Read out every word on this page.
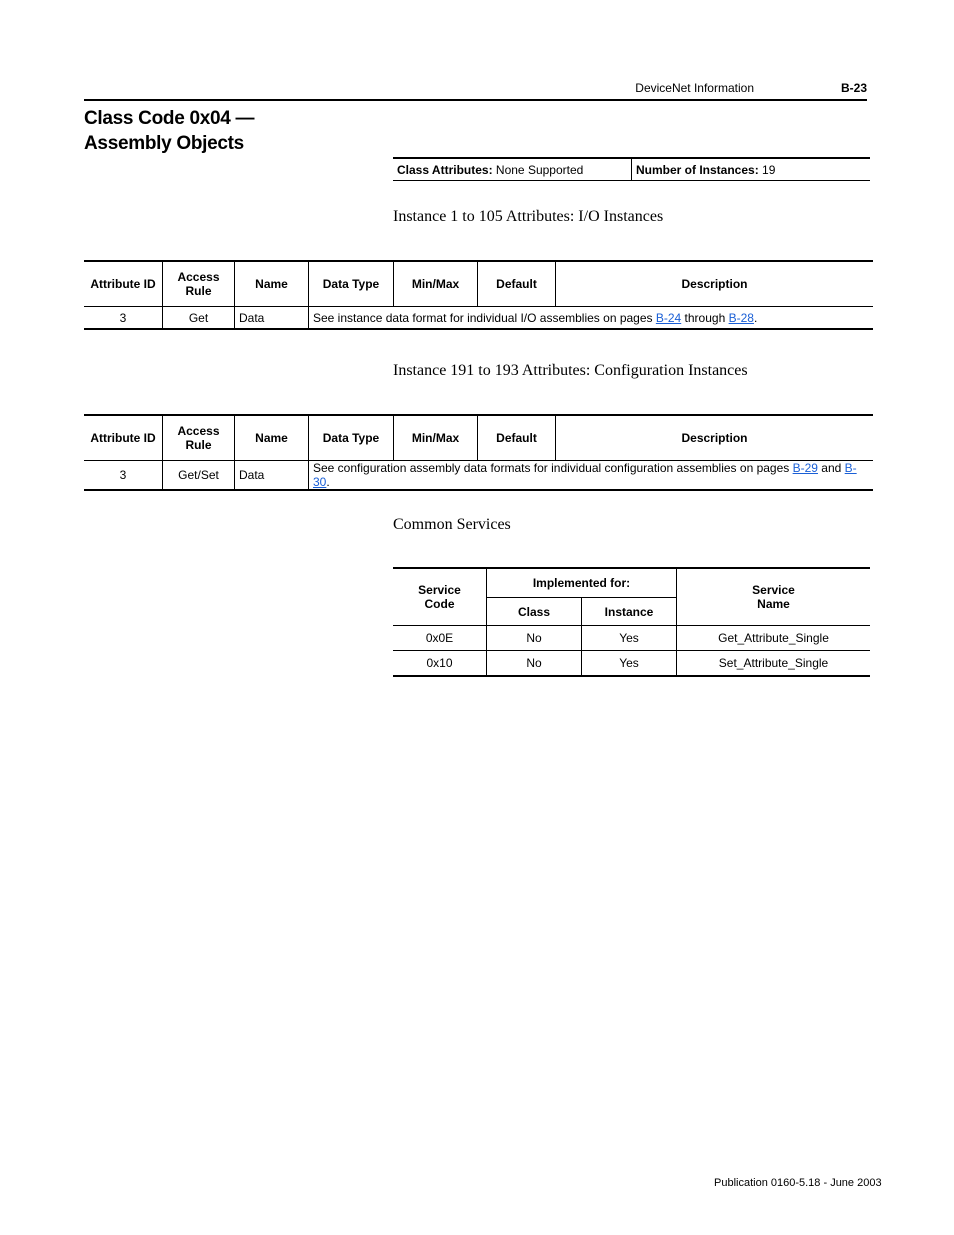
DeviceNet Information	B-23
Class Code 0x04 —
Assembly Objects
Class Attributes: None Supported	Number of Instances: 19
Instance 1 to 105 Attributes: I/O Instances
Attribute ID	Access Rule	Name	Data Type	Min/Max	Default	Description
3	Get	Data	See instance data format for individual I/O assemblies on pages B-24 through B-28.			
Instance 191 to 193 Attributes: Configuration Instances
Attribute ID	Access Rule	Name	Data Type	Min/Max	Default	Description
3	Get/Set	Data	See configuration assembly data formats for individual configuration assemblies on pages B-29 and B-30.			
Common Services
Service Code	Implemented for:		Service Name
	Class	Instance	
0x0E	No	Yes	Get_Attribute_Single
0x10	No	Yes	Set_Attribute_Single
Publication 0160-5.18 - June 2003
